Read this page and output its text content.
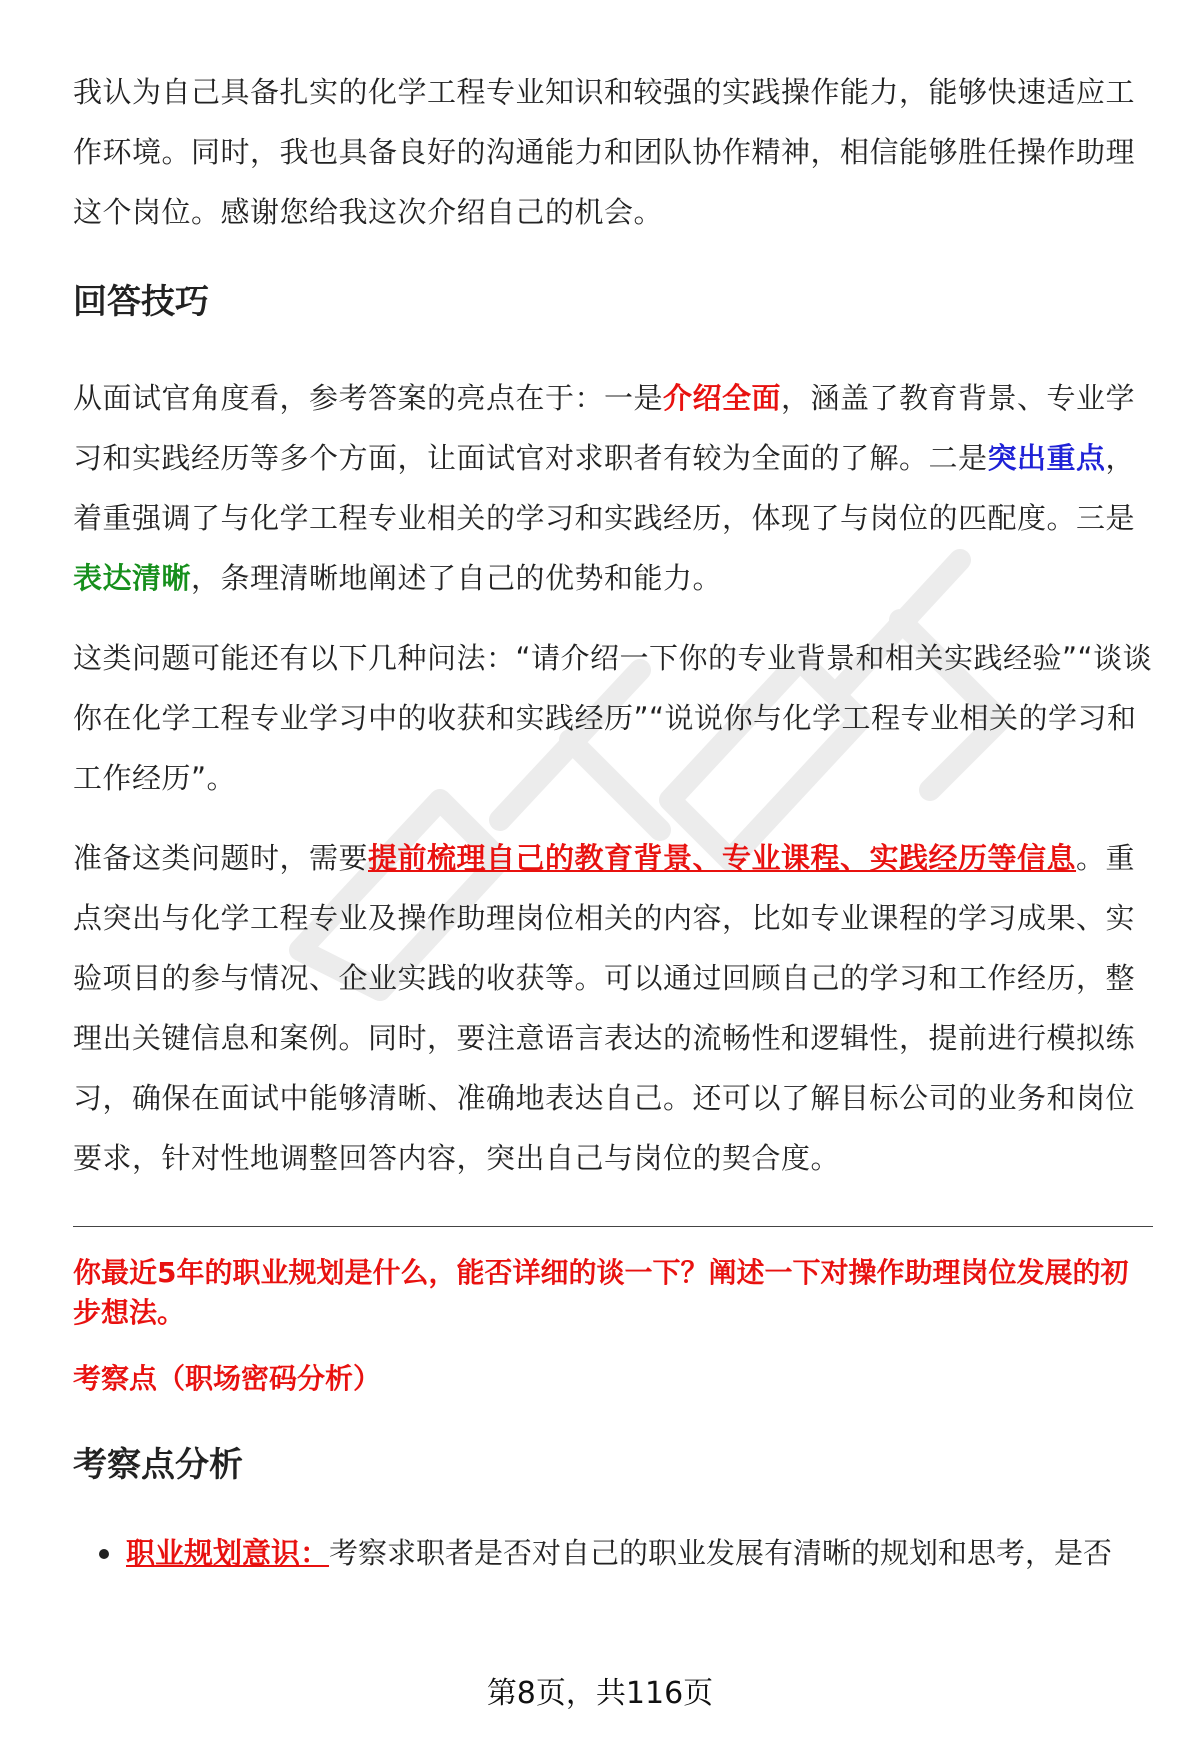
我认为自己具备扎实的化学工程专业知识和较强的实践操作能力，能够快速适应工作环境。同时，我也具备良好的沟通能力和团队协作精神，相信能够胜任操作助理这个岗位。感谢您给我这次介绍自己的机会。

回答技巧

从面试官角度看，参考答案的亮点在于：一是介绍全面，涵盖了教育背景、专业学习和实践经历等多个方面，让面试官对求职者有较为全面的了解。二是突出重点，着重强调了与化学工程专业相关的学习和实践经历，体现了与岗位的匹配度。三是表达清晰，条理清晰地阐述了自己的优势和能力。

这类问题可能还有以下几种问法：“请介绍一下你的专业背景和相关实践经验”“谈谈你在化学工程专业学习中的收获和实践经历”“说说你与化学工程专业相关的学习和工作经历”。

准备这类问题时，需要提前梳理自己的教育背景、专业课程、实践经历等信息。重点突出与化学工程专业及操作助理岗位相关的内容，比如专业课程的学习成果、实验项目的参与情况、企业实践的收获等。可以通过回顾自己的学习和工作经历，整理出关键信息和案例。同时，要注意语言表达的流畅性和逻辑性，提前进行模拟练习，确保在面试中能够清晰、准确地表达自己。还可以了解目标公司的业务和岗位要求，针对性地调整回答内容，突出自己与岗位的契合度。

你最近5年的职业规划是什么，能否详细的谈一下？阐述一下对操作助理岗位发展的初步想法。

考察点（职场密码分析）

考察点分析
职业规划意识：考察求职者是否对自己的职业发展有清晰的规划和思考，是否
第8页，共116页
